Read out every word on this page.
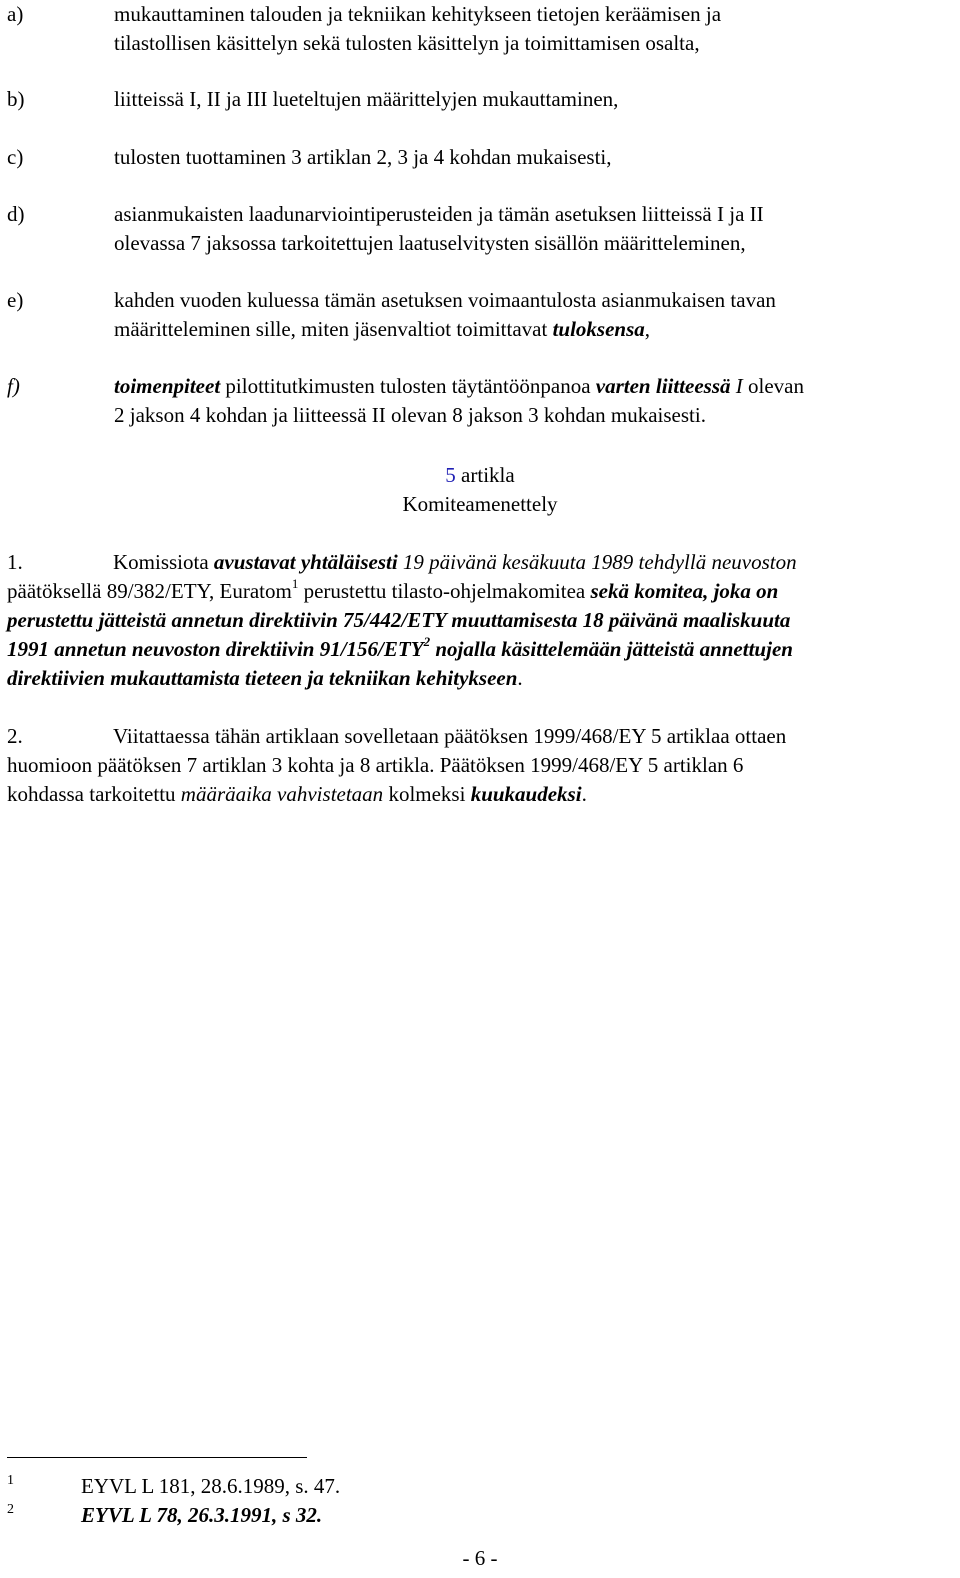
a)	mukauttaminen talouden ja tekniikan kehitykseen tietojen keräämisen ja
tilastollisen käsittelyn sekä tulosten käsittelyn ja toimittamisen osalta,
b)	liitteissä I, II ja III lueteltujen määrittelyjen mukauttaminen,
c)	tulosten tuottaminen 3 artiklan 2, 3 ja 4 kohdan mukaisesti,
d)	asianmukaisten laadunarviointiperusteiden ja tämän asetuksen liitteissä I ja II
olevassa 7 jaksossa tarkoitettujen laatuselvitysten sisällön määritteleminen,
e)	kahden vuoden kuluessa tämän asetuksen voimaantulosta asianmukaisen tavan
määritteleminen sille, miten jäsenvaltiot toimittavat tuloksensa,
f)	toimenpiteet pilottitutkimusten tulosten täytäntöönpanoa varten liitteessä I olevan
2 jakson 4 kohdan ja liitteessä II olevan 8 jakson 3 kohdan mukaisesti.
5 artikla
Komiteamenettely
1.	Komissiota avustavat yhtäläisesti 19 päivänä kesäkuuta 1989 tehdyllä neuvoston
päätöksellä 89/382/ETY, Euratom$^1$ perustettu tilasto-ohjelmakomitea sekä komitea, joka on
perustettu jätteistä annetun direktiivin 75/442/ETY muuttamisesta 18 päivänä maaliskuuta
1991 annetun neuvoston direktiivin 91/156/ETY$^2$ nojalla käsittelemään jätteistä annettujen
direktiivien mukauttamista tieteen ja tekniikan kehitykseen.
2.	Viitattaessa tähän artiklaan sovelletaan päätöksen 1999/468/EY 5 artiklaa ottaen
huomioon päätöksen 7 artiklan 3 kohta ja 8 artikla. Päätöksen 1999/468/EY 5 artiklan 6
kohdassa tarkoitettu määräaika vahvistetaan kolmeksi kuukaudeksi.
1	EYVL L 181, 28.6.1989, s. 47.
2	EYVL L 78, 26.3.1991, s 32.
- 6 -
